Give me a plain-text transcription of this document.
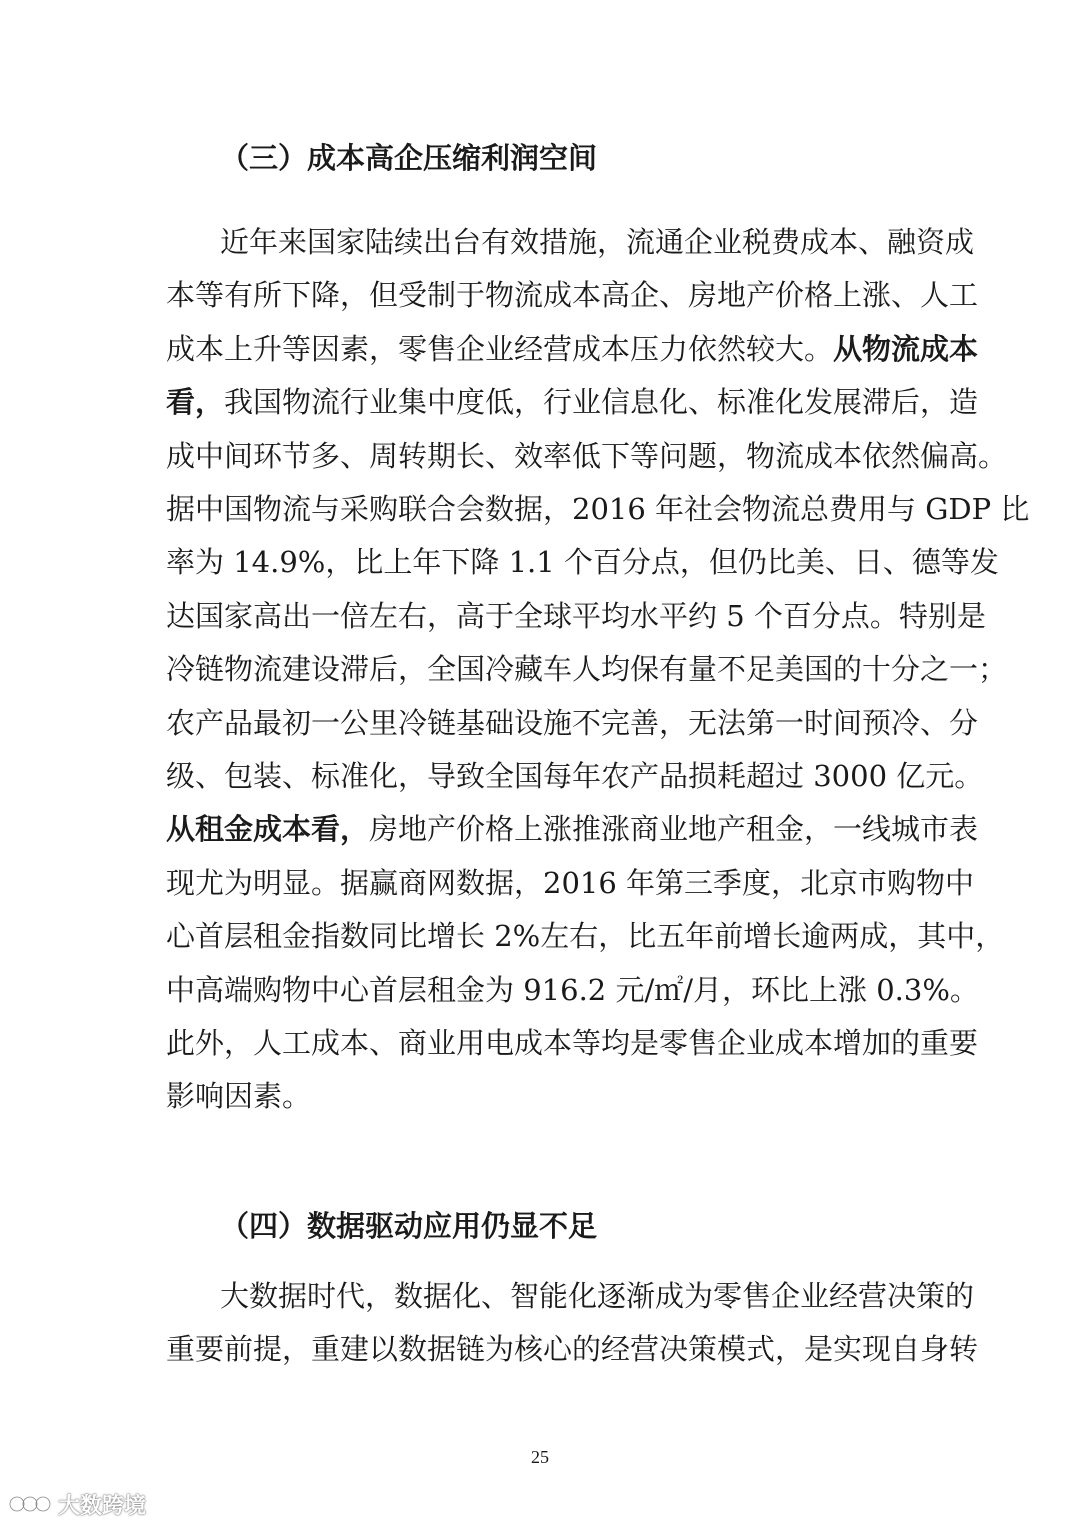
（三）成本高企压缩利润空间
近年来国家陆续出台有效措施，流通企业税费成本、融资成
本等有所下降，但受制于物流成本高企、房地产价格上涨、人工
成本上升等因素，零售企业经营成本压力依然较大。从物流成本
看，我国物流行业集中度低，行业信息化、标准化发展滞后，造
成中间环节多、周转期长、效率低下等问题，物流成本依然偏高。
据中国物流与采购联合会数据，2016 年社会物流总费用与 GDP 比
率为 14.9%，比上年下降 1.1 个百分点，但仍比美、日、德等发
达国家高出一倍左右，高于全球平均水平约 5 个百分点。特别是
冷链物流建设滞后，全国冷藏车人均保有量不足美国的十分之一；
农产品最初一公里冷链基础设施不完善，无法第一时间预冷、分
级、包装、标准化，导致全国每年农产品损耗超过 3000 亿元。
从租金成本看，房地产价格上涨推涨商业地产租金，一线城市表
现尤为明显。据赢商网数据，2016 年第三季度，北京市购物中
心首层租金指数同比增长 2%左右，比五年前增长逾两成，其中，
中高端购物中心首层租金为 916.2 元/㎡/月，环比上涨 0.3%。
此外，人工成本、商业用电成本等均是零售企业成本增加的重要
影响因素。
（四）数据驱动应用仍显不足
大数据时代，数据化、智能化逐渐成为零售企业经营决策的
重要前提，重建以数据链为核心的经营决策模式，是实现自身转
25
大数跨境
